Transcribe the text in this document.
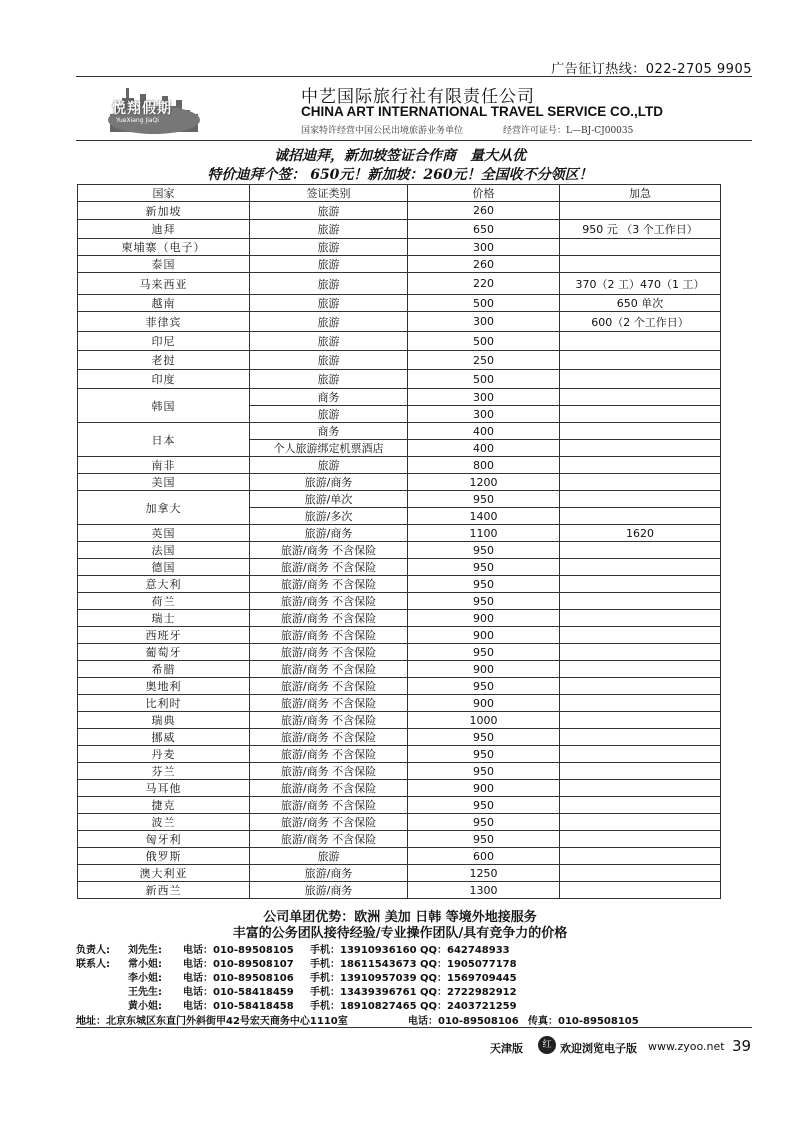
广告征订热线：022-2705 9905
悦翔假期
YueXiang JiaQi
中艺国际旅行社有限责任公司
CHINA ART INTERNATIONAL TRAVEL SERVICE CO.,LTD
国家特许经营中国公民出境旅游业务单位	经营许可证号：L—BJ-CJ00035
诚招迪拜，新加坡签证合作商　量大从优
特价迪拜个签： 650元！新加坡：260元！全国收不分领区！
国家	签证类别	价格	加急
新加坡	旅游	260	
迪拜	旅游	650	950 元 （3 个工作日）
柬埔寨（电子）	旅游	300	
泰国	旅游	260	
马来西亚	旅游	220	370（2 工）470（1 工）
越南	旅游	500	650 单次
菲律宾	旅游	300	600（2 个工作日）
印尼	旅游	500	
老挝	旅游	250	
印度	旅游	500	
韩国	商务	300	
	旅游	300	
日本	商务	400	
	个人旅游绑定机票酒店	400	
南非	旅游	800	
美国	旅游/商务	1200	
加拿大	旅游/单次	950	
	旅游/多次	1400	
英国	旅游/商务	1100	1620
法国	旅游/商务 不含保险	950	
德国	旅游/商务 不含保险	950	
意大利	旅游/商务 不含保险	950	
荷兰	旅游/商务 不含保险	950	
瑞士	旅游/商务 不含保险	900	
西班牙	旅游/商务 不含保险	900	
葡萄牙	旅游/商务 不含保险	950	
希腊	旅游/商务 不含保险	900	
奥地利	旅游/商务 不含保险	950	
比利时	旅游/商务 不含保险	900	
瑞典	旅游/商务 不含保险	1000	
挪威	旅游/商务 不含保险	950	
丹麦	旅游/商务 不含保险	950	
芬兰	旅游/商务 不含保险	950	
马耳他	旅游/商务 不含保险	900	
捷克	旅游/商务 不含保险	950	
波兰	旅游/商务 不含保险	950	
匈牙利	旅游/商务 不含保险	950	
俄罗斯	旅游	600	
澳大利亚	旅游/商务	1250	
新西兰	旅游/商务	1300	
公司单团优势：欧洲 美加 日韩 等境外地接服务
丰富的公务团队接待经验/专业操作团队/具有竞争力的价格
负责人: 刘先生: 电话：010-89508105 手机：13910936160 QQ：642748933
联系人: 常小姐: 电话：010-89508107 手机：18611543673 QQ：1905077178
李小姐: 电话：010-89508106 手机：13910957039 QQ：1569709445
王先生: 电话：010-58418459 手机：13439396761 QQ：2722982912
黄小姐: 电话：010-58418458 手机：18910827465 QQ：2403721259
地址：北京东城区东直门外斜街甲42号宏天商务中心1110室	电话：010-89508106 传真：010-89508105
天津版	红 欢迎浏览电子版 www.zyoo.net 39
